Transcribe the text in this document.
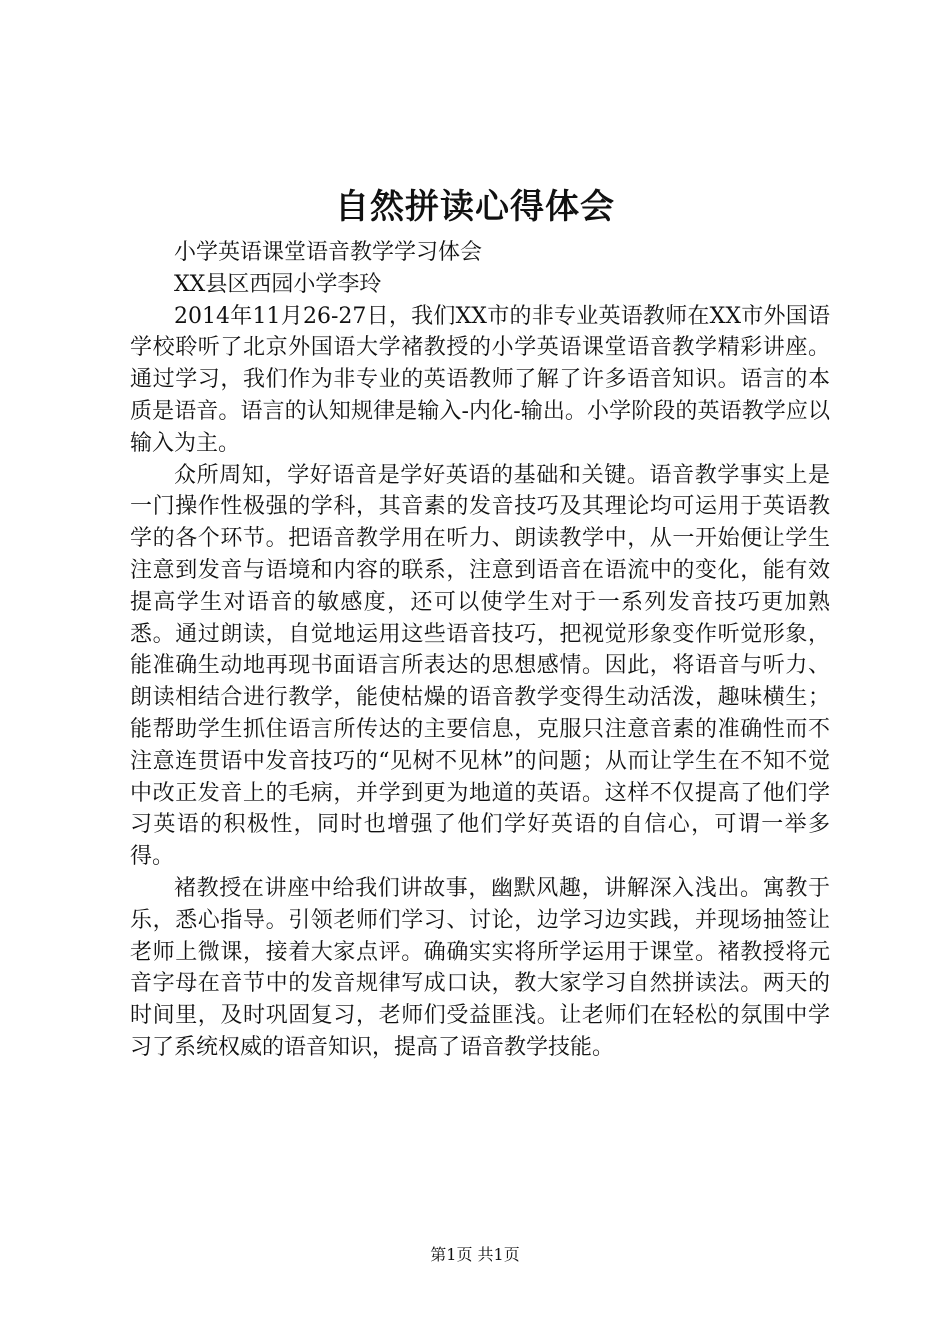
自然拼读心得体会

小学英语课堂语音教学学习体会

XX县区西园小学李玲

2014年11月26-27日，我们XX市的非专业英语教师在XX市外国语学校聆听了北京外国语大学褚教授的小学英语课堂语音教学精彩讲座。通过学习，我们作为非专业的英语教师了解了许多语音知识。语言的本质是语音。语言的认知规律是输入-内化-输出。小学阶段的英语教学应以输入为主。

众所周知，学好语音是学好英语的基础和关键。语音教学事实上是一门操作性极强的学科，其音素的发音技巧及其理论均可运用于英语教学的各个环节。把语音教学用在听力、朗读教学中，从一开始便让学生注意到发音与语境和内容的联系，注意到语音在语流中的变化，能有效提高学生对语音的敏感度，还可以使学生对于一系列发音技巧更加熟悉。通过朗读，自觉地运用这些语音技巧，把视觉形象变作听觉形象，能准确生动地再现书面语言所表达的思想感情。因此，将语音与听力、朗读相结合进行教学，能使枯燥的语音教学变得生动活泼，趣味横生；能帮助学生抓住语言所传达的主要信息，克服只注意音素的准确性而不注意连贯语中发音技巧的“见树不见林”的问题；从而让学生在不知不觉中改正发音上的毛病，并学到更为地道的英语。这样不仅提高了他们学习英语的积极性，同时也增强了他们学好英语的自信心，可谓一举多得。

褚教授在讲座中给我们讲故事，幽默风趣，讲解深入浅出。寓教于乐，悉心指导。引领老师们学习、讨论，边学习边实践，并现场抽签让老师上微课，接着大家点评。确确实实将所学运用于课堂。褚教授将元音字母在音节中的发音规律写成口诀，教大家学习自然拼读法。两天的时间里，及时巩固复习，老师们受益匪浅。让老师们在轻松的氛围中学习了系统权威的语音知识，提高了语音教学技能。

第1页 共1页
